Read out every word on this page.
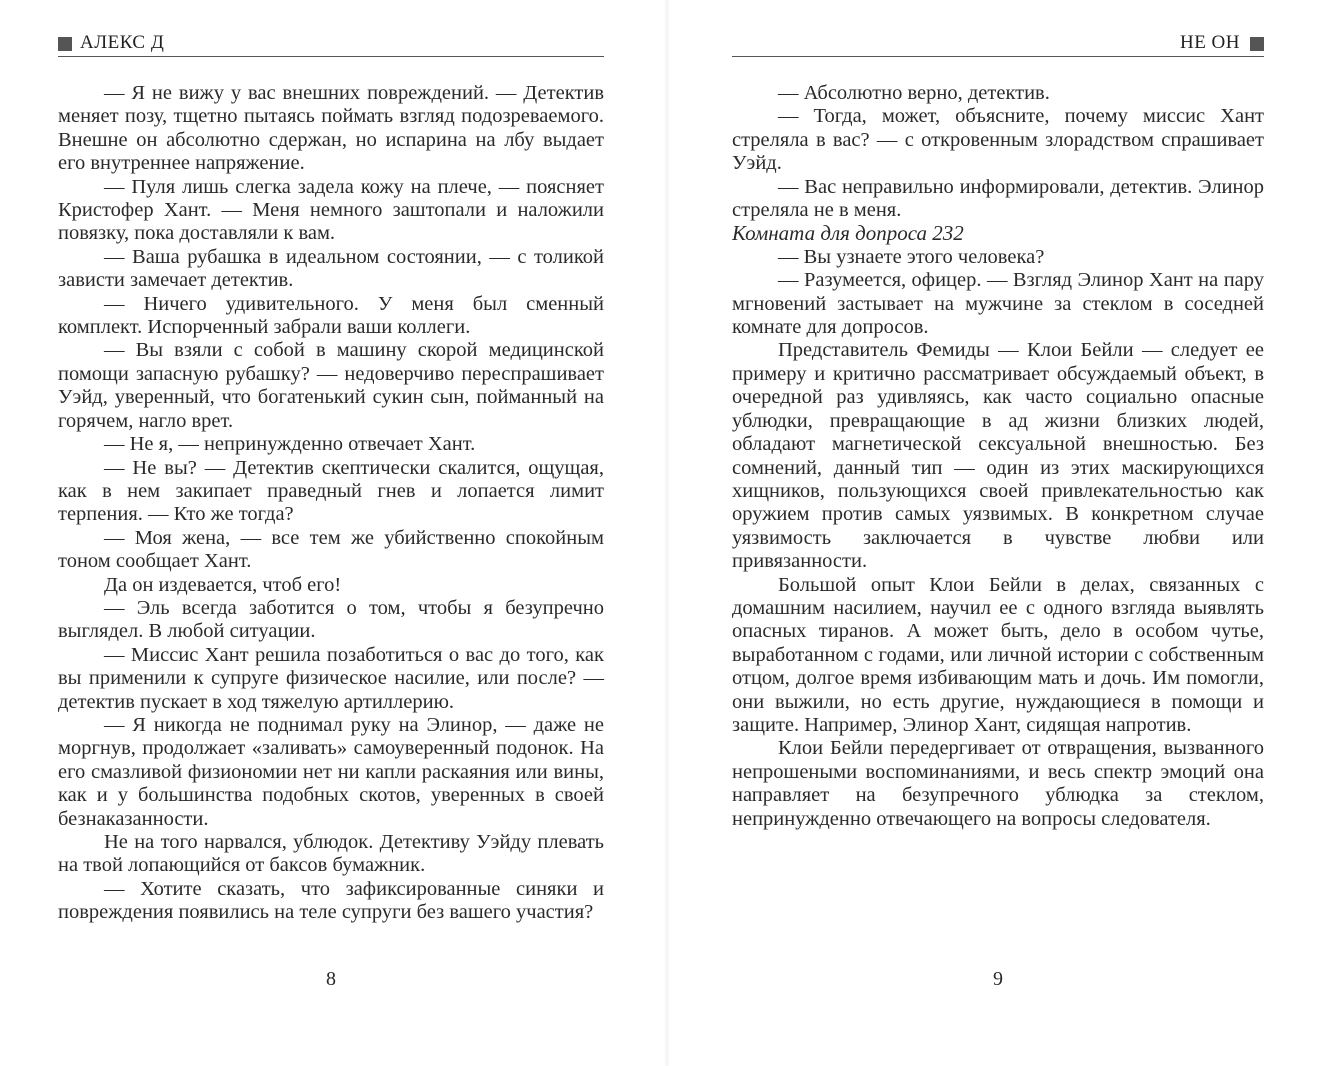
АЛЕКС Д

— Я не вижу у вас внешних повреждений. — Детектив меняет позу, тщетно пытаясь поймать взгляд подозреваемого. Внешне он абсолютно сдержан, но испарина на лбу выдает его внутреннее напряжение.

— Пуля лишь слегка задела кожу на плече, — поясняет Кристофер Хант. — Меня немного заштопали и наложили повязку, пока доставляли к вам.

— Ваша рубашка в идеальном состоянии, — с толикой зависти замечает детектив.

— Ничего удивительного. У меня был сменный комплект. Испорченный забрали ваши коллеги.

— Вы взяли с собой в машину скорой медицинской помощи запасную рубашку? — недоверчиво переспрашивает Уэйд, уверенный, что богатенький сукин сын, пойманный на горячем, нагло врет.

— Не я, — непринужденно отвечает Хант.

— Не вы? — Детектив скептически скалится, ощущая, как в нем закипает праведный гнев и лопается лимит терпения. — Кто же тогда?

— Моя жена, — все тем же убийственно спокойным тоном сообщает Хант.

Да он издевается, чтоб его!

— Эль всегда заботится о том, чтобы я безупречно выглядел. В любой ситуации.

— Миссис Хант решила позаботиться о вас до того, как вы применили к супруге физическое насилие, или после? — детектив пускает в ход тяжелую артиллерию.

— Я никогда не поднимал руку на Элинор, — даже не моргнув, продолжает «заливать» самоуверенный подонок. На его смазливой физиономии нет ни капли раскаяния или вины, как и у большинства подобных скотов, уверенных в своей безнаказанности.

Не на того нарвался, ублюдок. Детективу Уэйду плевать на твой лопающийся от баксов бумажник.

— Хотите сказать, что зафиксированные синяки и повреждения появились на теле супруги без вашего участия?

8
НЕ ОН

— Абсолютно верно, детектив.

— Тогда, может, объясните, почему миссис Хант стреляла в вас? — с откровенным злорадством спрашивает Уэйд.

— Вас неправильно информировали, детектив. Элинор стреляла не в меня.

Комната для допроса 232

— Вы узнаете этого человека?

— Разумеется, офицер. — Взгляд Элинор Хант на пару мгновений застывает на мужчине за стеклом в соседней комнате для допросов.

Представитель Фемиды — Клои Бейли — следует ее примеру и критично рассматривает обсуждаемый объект, в очередной раз удивляясь, как часто социально опасные ублюдки, превращающие в ад жизни близких людей, обладают магнетической сексуальной внешностью. Без сомнений, данный тип — один из этих маскирующихся хищников, пользующихся своей привлекательностью как оружием против самых уязвимых. В конкретном случае уязвимость заключается в чувстве любви или привязанности.

Большой опыт Клои Бейли в делах, связанных с домашним насилием, научил ее с одного взгляда выявлять опасных тиранов. А может быть, дело в особом чутье, выработанном с годами, или личной истории с собственным отцом, долгое время избивающим мать и дочь. Им помогли, они выжили, но есть другие, нуждающиеся в помощи и защите. Например, Элинор Хант, сидящая напротив.

Клои Бейли передергивает от отвращения, вызванного непрошеными воспоминаниями, и весь спектр эмоций она направляет на безупречного ублюдка за стеклом, непринужденно отвечающего на вопросы следователя.

9
